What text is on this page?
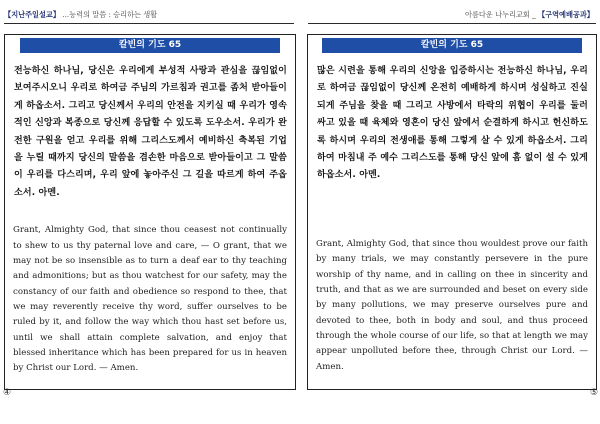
【지난주일설교】 ...능력의 말씀 : 승리하는 생활	아름다운 나누리교회 _ 【구역예배공과】
칼빈의 기도 65
전능하신 하나님, 당신은 우리에게 부성적 사랑과 관심을 끊임없이 보여주시오니 우리로 하여금 주님의 가르침과 권고를 좀처 받아들이게 하옵소서. 그리고 당신께서 우리의 안전을 지키실 때 우리가 영속적인 신앙과 복종으로 당신께 응답할 수 있도록 도우소서. 우리가 완전한 구원을 얻고 우리를 위해 그리스도께서 예비하신 축복된 기업을 누릴 때까지 당신의 말씀을 겸손한 마음으로 받아들이고 그 말씀이 우리를 다스리며, 우리 앞에 놓아주신 그 길을 따르게 하여 주옵소서. 아멘.
Grant, Almighty God, that since thou ceasest not continually to shew to us thy paternal love and care, — O grant, that we may not be so insensible as to turn a deaf ear to thy teaching and admonitions; but as thou watchest for our safety, may the constancy of our faith and obedience so respond to thee, that we may reverently receive thy word, suffer ourselves to be ruled by it, and follow the way which thou hast set before us, until we shall attain complete salvation, and enjoy that blessed inheritance which has been prepared for us in heaven by Christ our Lord. — Amen.
칼빈의 기도 65
많은 시련을 통해 우리의 신앙을 입증하시는 전능하신 하나님, 우리로 하여금 끊임없이 당신께 온전히 예배하게 하시며 성실하고 진실되게 주님을 찾을 때 그리고 사방에서 타락의 위협이 우리를 둘러 싸고 있을 때 육체와 영혼이 당신 앞에서 순결하게 하시고 헌신하도록 하시며 우리의 전생애를 통해 그렇게 살 수 있게 하옵소서. 그리하여 마침내 주 예수 그리스도를 통해 당신 앞에 흠 없이 설 수 있게 하옵소서. 아멘.
Grant, Almighty God, that since thou wouldest prove our faith by many trials, we may constantly persevere in the pure worship of thy name, and in calling on thee in sincerity and truth, and that as we are surrounded and beset on every side by many pollutions, we may preserve ourselves pure and devoted to thee, both in body and soul, and thus proceed through the whole course of our life, so that at length we may appear unpolluted before thee, through Christ our Lord. — Amen.
④	⑤
